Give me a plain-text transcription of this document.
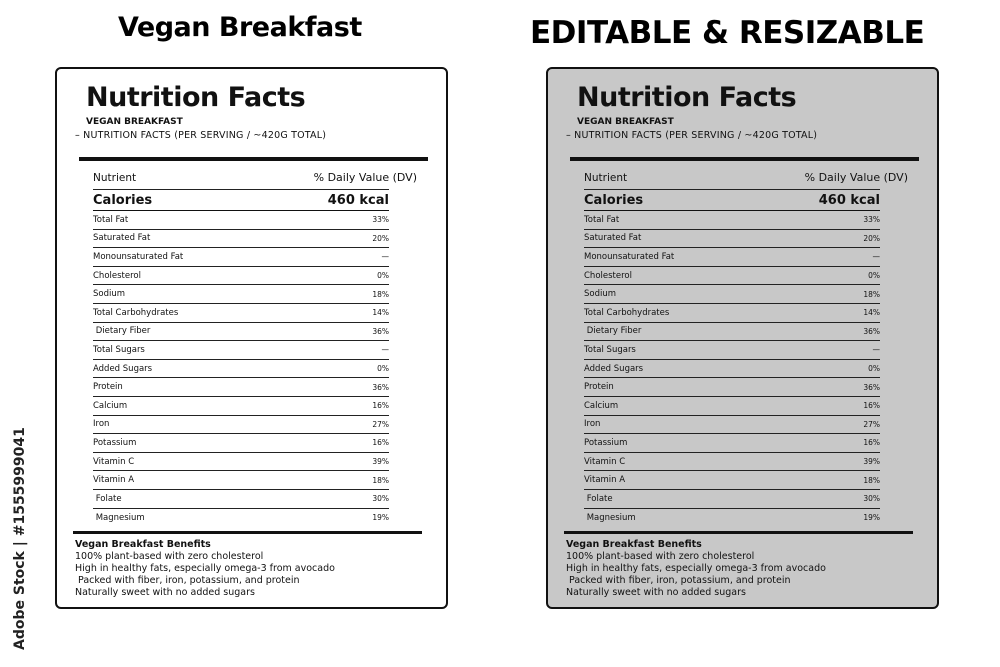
Vegan Breakfast	EDITABLE & RESIZABLE
Nutrition Facts
VEGAN BREAKFAST
– NUTRITION FACTS (PER SERVING / ~420G TOTAL)
Nutrient	% Daily Value (DV)
Calories	460 kcal
Total Fat	33%
Saturated Fat	20%
Monounsaturated Fat	—
Cholesterol	0%
Sodium	18%
Total Carbohydrates	14%
Dietary Fiber	36%
Total Sugars	—
Added Sugars	0%
Protein	36%
Calcium	16%
Iron	27%
Potassium	16%
Vitamin C	39%
Vitamin A	18%
Folate	30%
Magnesium	19%
Vegan Breakfast Benefits
100% plant-based with zero cholesterol
High in healthy fats, especially omega-3 from avocado
Packed with fiber, iron, potassium, and protein
Naturally sweet with no added sugars
Nutrition Facts
VEGAN BREAKFAST
– NUTRITION FACTS (PER SERVING / ~420G TOTAL)
Nutrient	% Daily Value (DV)
Calories	460 kcal
Total Fat	33%
Saturated Fat	20%
Monounsaturated Fat	—
Cholesterol	0%
Sodium	18%
Total Carbohydrates	14%
Dietary Fiber	36%
Total Sugars	—
Added Sugars	0%
Protein	36%
Calcium	16%
Iron	27%
Potassium	16%
Vitamin C	39%
Vitamin A	18%
Folate	30%
Magnesium	19%
Vegan Breakfast Benefits
100% plant-based with zero cholesterol
High in healthy fats, especially omega-3 from avocado
Packed with fiber, iron, potassium, and protein
Naturally sweet with no added sugars
Adobe Stock | #1555999041
